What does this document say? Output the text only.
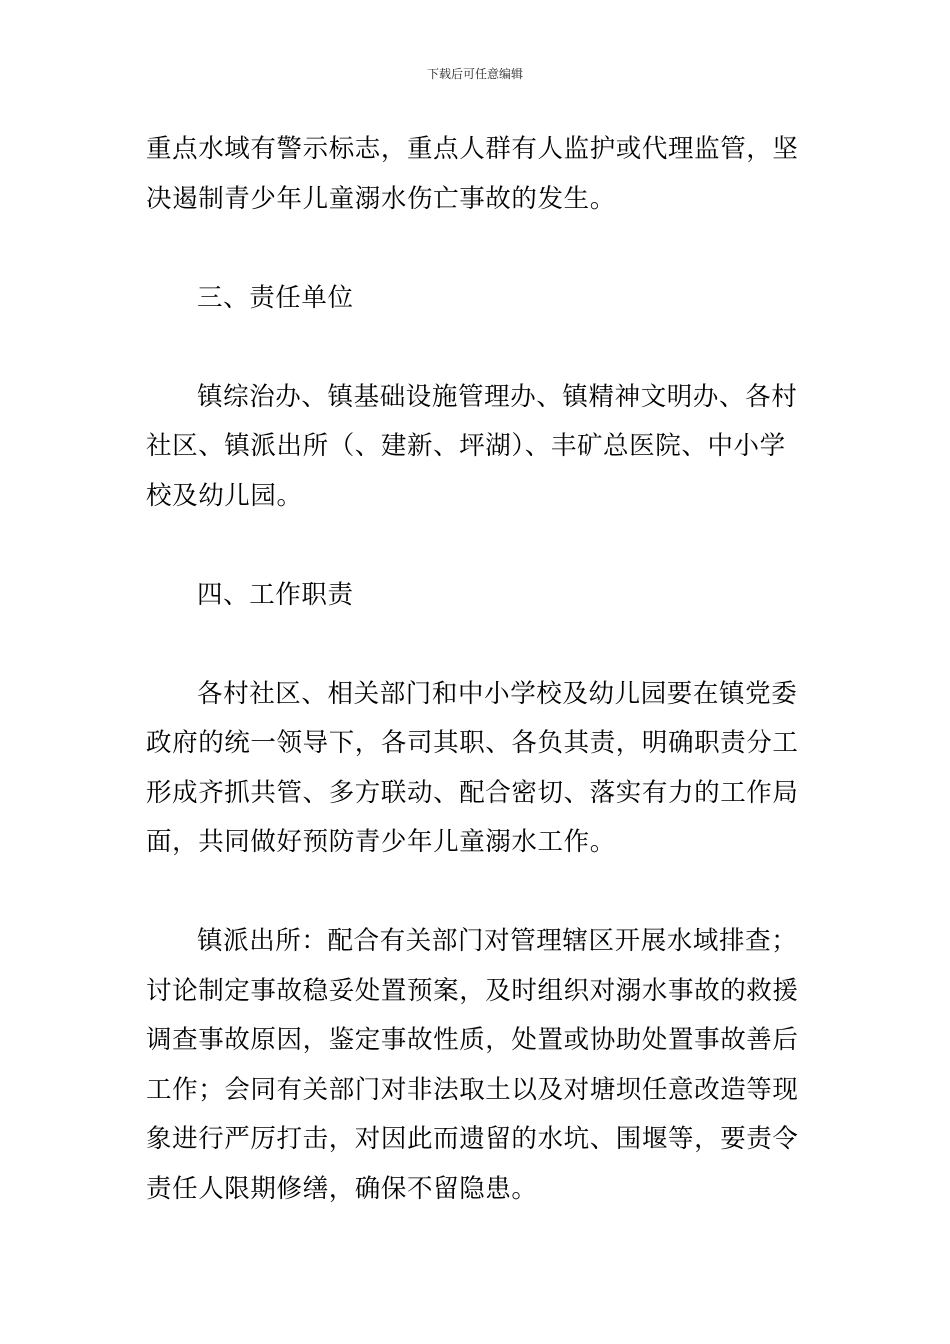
下载后可任意编辑

重点水域有警示标志，重点人群有人监护或代理监管，坚
决遏制青少年儿童溺水伤亡事故的发生。

三、责任单位

镇综治办、镇基础设施管理办、镇精神文明办、各村
社区、镇派出所（、建新、坪湖）、丰矿总医院、中小学
校及幼儿园。

四、工作职责

各村社区、相关部门和中小学校及幼儿园要在镇党委
政府的统一领导下，各司其职、各负其责，明确职责分工
形成齐抓共管、多方联动、配合密切、落实有力的工作局
面，共同做好预防青少年儿童溺水工作。

镇派出所：配合有关部门对管理辖区开展水域排查；
讨论制定事故稳妥处置预案，及时组织对溺水事故的救援
调查事故原因，鉴定事故性质，处置或协助处置事故善后
工作；会同有关部门对非法取土以及对塘坝任意改造等现
象进行严厉打击，对因此而遗留的水坑、围堰等，要责令
责任人限期修缮，确保不留隐患。
